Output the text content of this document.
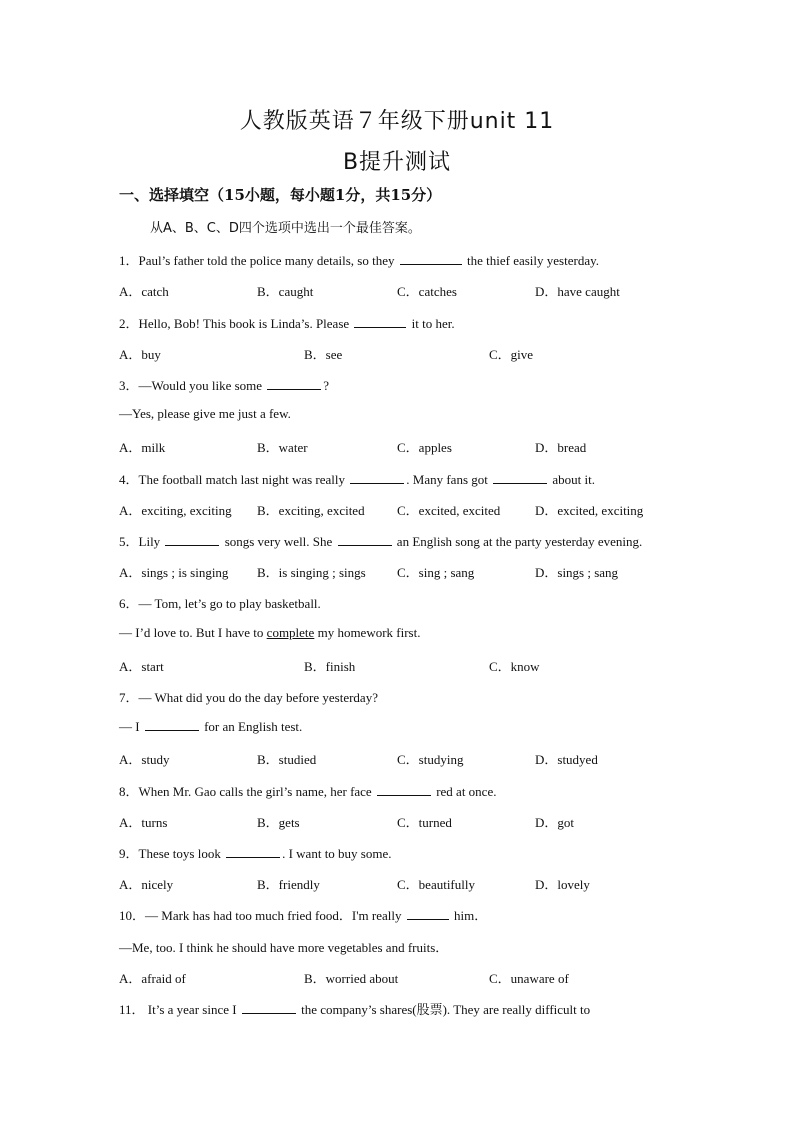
人教版英语７年级下册unit 11
B提升测试
一、选择填空（15小题，每小题1分，共15分）
从A、B、C、D四个选项中选出一个最佳答案。
1．Paul’s father told the police many details, so they	the thief easily yesterday.
A．catch	B．caught	C．catches	D．have caught
2．Hello, Bob! This book is Linda’s. Please	it to her.
A．buy	B．see	C．give
3．—Would you like some	?
—Yes, please give me just a few.
A．milk	B．water	C．apples	D．bread
4．The football match last night was really	. Many fans got	about it.
A．exciting, exciting B．exciting, excited C．excited, excited	D．excited, exciting
5．Lily	songs very well. She	an English song at the party yesterday evening.
A．sings ; is singing B．is singing ; sings C．sing ; sang	D．sings ; sang
6．— Tom, let’s go to play basketball.
— I’d love to. But I have to complete my homework first.
A．start	B．finish	C．know
7．— What did you do the day before yesterday?
— I	for an English test.
A．study	B．studied	C．studying	D．studyed
8．When Mr. Gao calls the girl’s name, her face	red at once.
A．turns	B．gets	C．turned	D．got
9．These toys look	. I want to buy some.
A．nicely	B．friendly	C．beautifully	D．lovely
10．— Mark has had too much fried food．I'm really	him．
—Me, too. I think he should have more vegetables and fruits．
A．afraid of	B．worried about	C．unaware of
11． It’s a year since I	the company’s shares(股票). They are really difficult to
